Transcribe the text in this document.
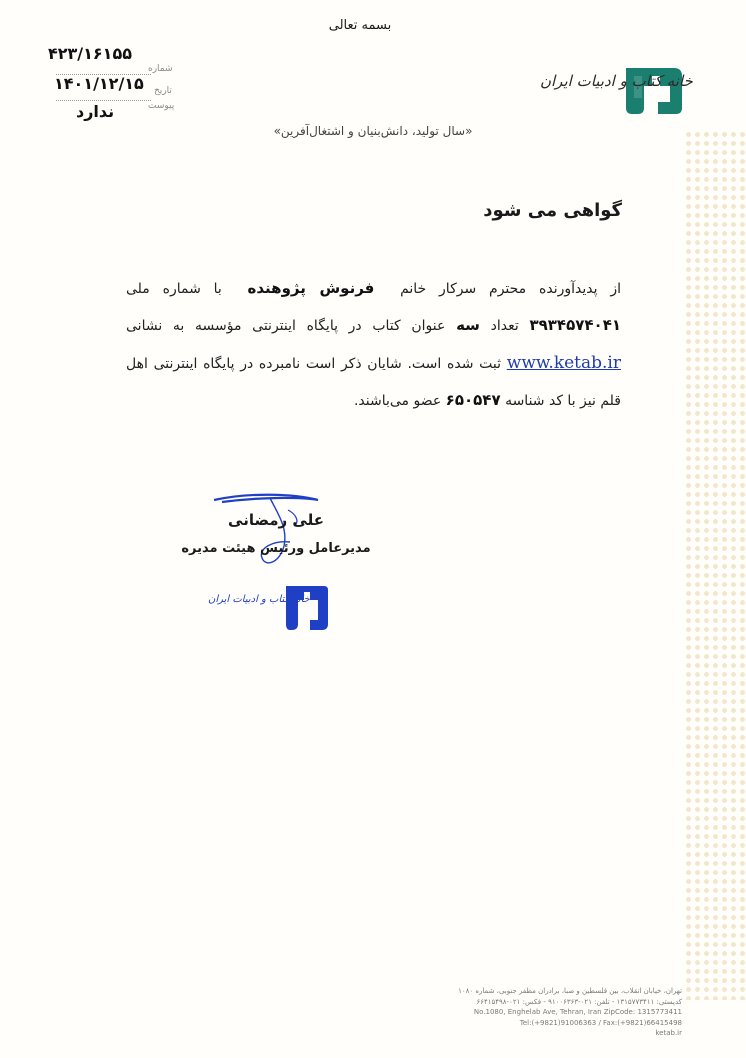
بسمه تعالی
۴۲۳/۱۶۱۵۵
شماره
۱۴۰۱/۱۲/۱۵ تاریخ
پیوست
ندارد
خانه کتاب و ادبیات ایران
«سال تولید، دانش‌بنیان و اشتغال‌آفرین»
گواهی می شود
از پدیدآورنده محترم سرکار خانم  فرنوش پژوهنده  با شماره ملی ۳۹۳۴۵۷۴۰۴۱ تعداد سه عنوان کتاب در پایگاه اینترنتی مؤسسه به نشانی www.ketab.ir ثبت شده است. شایان ذکر است نامبرده در پایگاه اینترنتی اهل قلم نیز با کد شناسه ۶۵۰۵۴۷ عضو می‌باشند.
علی رمضانی
مدیرعامل ورئیس هیئت مدیره
خانه کتاب و ادبیات ایران
تهران، خیابان انقلاب، بین فلسطین و صبا، برادران مظفر جنوبی، شماره ۱۰۸۰
کدپستی: ۱۳۱۵۷۷۳۴۱۱ - تلفن: ۰۲۱-۹۱۰۰۶۳۶۳ - فکس: ۰۲۱-۶۶۴۱۵۴۹۸
No.1080, Enghelab Ave, Tehran, Iran ZipCode: 1315773411
Tel:(+9821)91006363 / Fax:(+9821)66415498
ketab.ir
